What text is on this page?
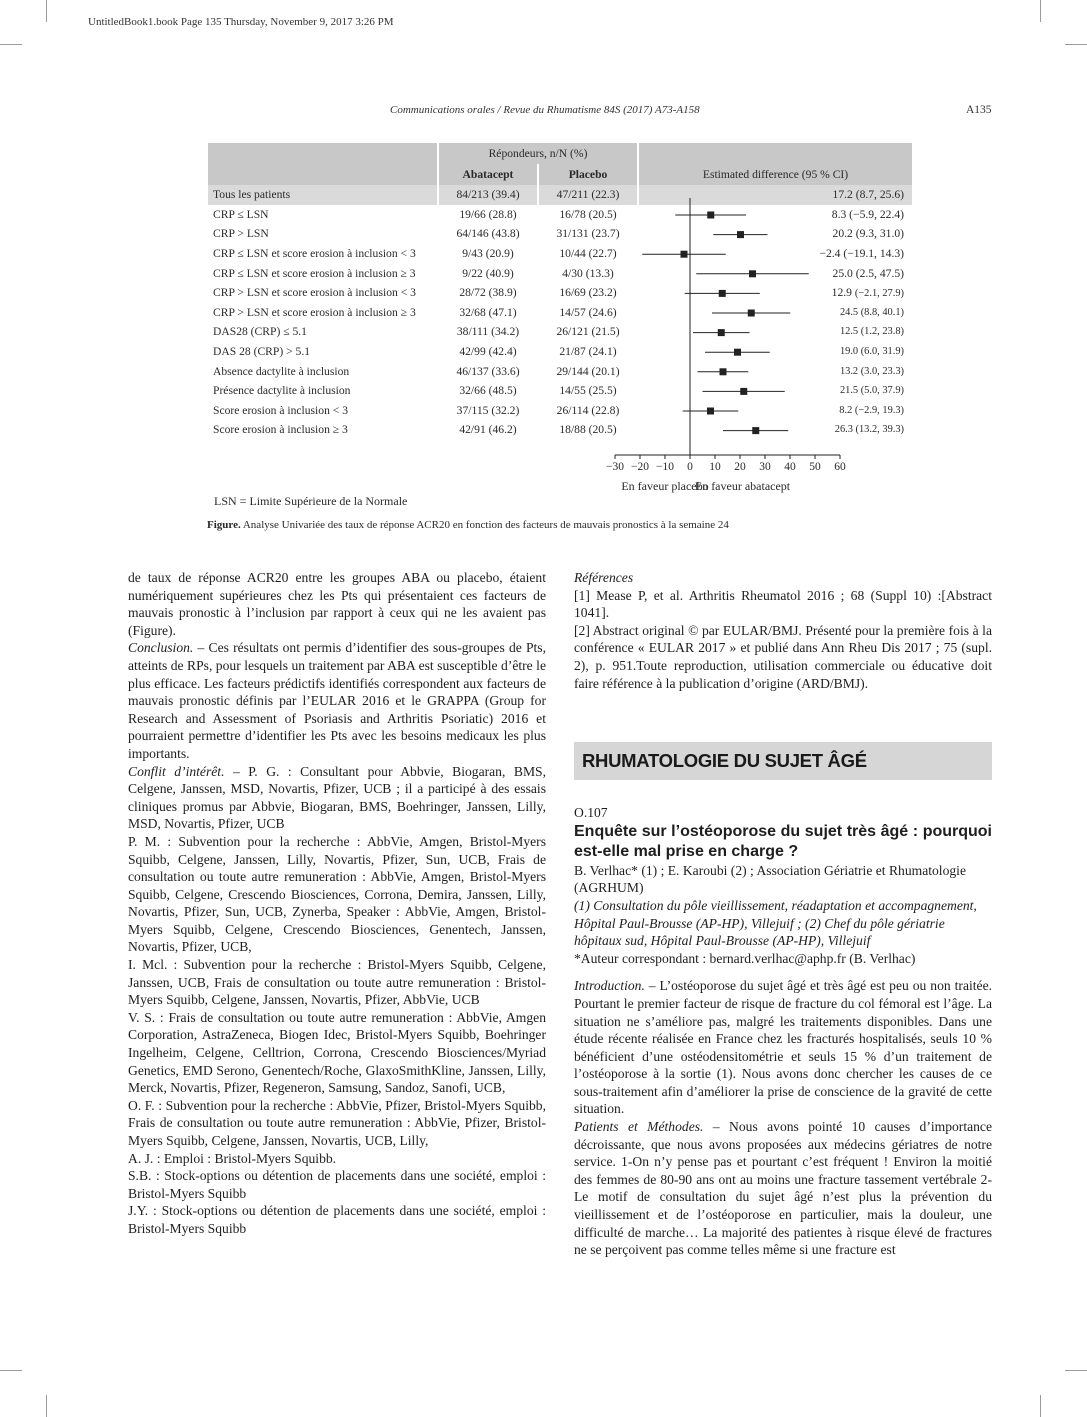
UntitledBook1.book Page 135 Thursday, November 9, 2017 3:26 PM
Communications orales / Revue du Rhumatisme 84S (2017) A73-A158	A135
	Répondeurs, n/N (%)		
	Abatacept	Placebo	Estimated difference (95 % CI)
Tous les patients	84/213 (39.4)	47/211 (22.3)	17.2 (8.7, 25.6)
CRP ≤ LSN	19/66 (28.8)	16/78 (20.5)	8.3 (−5.9, 22.4)
CRP > LSN	64/146 (43.8)	31/131 (23.7)	20.2 (9.3, 31.0)
CRP ≤ LSN et score erosion à inclusion < 3	9/43 (20.9)	10/44 (22.7)	−2.4 (−19.1, 14.3)
CRP ≤ LSN et score erosion à inclusion ≥ 3	9/22 (40.9)	4/30 (13.3)	25.0 (2.5, 47.5)
CRP > LSN et score erosion à inclusion < 3	28/72 (38.9)	16/69 (23.2)	12.9 (−2.1, 27.9)
CRP > LSN et score erosion à inclusion ≥ 3	32/68 (47.1)	14/57 (24.6)	24.5 (8.8, 40.1)
DAS28 (CRP) ≤ 5.1	38/111 (34.2)	26/121 (21.5)	12.5 (1.2, 23.8)
DAS 28 (CRP) > 5.1	42/99 (42.4)	21/87 (24.1)	19.0 (6.0, 31.9)
Absence dactylite à inclusion	46/137 (33.6)	29/144 (20.1)	13.2 (3.0, 23.3)
Présence dactylite à inclusion	32/66 (48.5)	14/55 (25.5)	21.5 (5.0, 37.9)
Score erosion à inclusion < 3	37/115 (32.2)	26/114 (22.8)	8.2 (−2.9, 19.3)
Score erosion à inclusion ≥ 3	42/91 (46.2)	18/88 (20.5)	26.3 (13.2, 39.3)
−30 −20 −10 0 10 20 30 40 50 60
En faveur placebo
En faveur abatacept
LSN = Limite Supérieure de la Normale
Figure. Analyse Univariée des taux de réponse ACR20 en fonction des facteurs de mauvais pronostics à la semaine 24

de taux de réponse ACR20 entre les groupes ABA ou placebo, étaient numériquement supérieures chez les Pts qui présentaient ces facteurs de mauvais pronostic à l’inclusion par rapport à ceux qui ne les avaient pas (Figure).

Conclusion. – Ces résultats ont permis d’identifier des sous-groupes de Pts, atteints de RPs, pour lesquels un traitement par ABA est susceptible d’être le plus efficace. Les facteurs prédictifs identifiés correspondent aux facteurs de mauvais pronostic définis par l’EULAR 2016 et le GRAPPA (Group for Research and Assessment of Psoriasis and Arthritis Psoriatic) 2016 et pourraient permettre d’identifier les Pts avec les besoins medicaux les plus importants.

Conflit d’intérêt. – P. G. : Consultant pour Abbvie, Biogaran, BMS, Celgene, Janssen, MSD, Novartis, Pfizer, UCB ; il a participé à des essais cliniques promus par Abbvie, Biogaran, BMS, Boehringer, Janssen, Lilly, MSD, Novartis, Pfizer, UCB

P. M. : Subvention pour la recherche : AbbVie, Amgen, Bristol-Myers Squibb, Celgene, Janssen, Lilly, Novartis, Pfizer, Sun, UCB, Frais de consultation ou toute autre remuneration : AbbVie, Amgen, Bristol-Myers Squibb, Celgene, Crescendo Biosciences, Corrona, Demira, Janssen, Lilly, Novartis, Pfizer, Sun, UCB, Zynerba, Speaker : AbbVie, Amgen, Bristol-Myers Squibb, Celgene, Crescendo Biosciences, Genentech, Janssen, Novartis, Pfizer, UCB,

I. Mcl. : Subvention pour la recherche : Bristol-Myers Squibb, Celgene, Janssen, UCB, Frais de consultation ou toute autre remuneration : Bristol-Myers Squibb, Celgene, Janssen, Novartis, Pfizer, AbbVie, UCB

V. S. : Frais de consultation ou toute autre remuneration : AbbVie, Amgen Corporation, AstraZeneca, Biogen Idec, Bristol-Myers Squibb, Boehringer Ingelheim, Celgene, Celltrion, Corrona, Crescendo Biosciences/Myriad Genetics, EMD Serono, Genentech/Roche, GlaxoSmithKline, Janssen, Lilly, Merck, Novartis, Pfizer, Regeneron, Samsung, Sandoz, Sanofi, UCB,

O. F. : Subvention pour la recherche : AbbVie, Pfizer, Bristol-Myers Squibb, Frais de consultation ou toute autre remuneration : AbbVie, Pfizer, Bristol-Myers Squibb, Celgene, Janssen, Novartis, UCB, Lilly,

A. J. : Emploi : Bristol-Myers Squibb.

S.B. : Stock-options ou détention de placements dans une société, emploi : Bristol-Myers Squibb

J.Y. : Stock-options ou détention de placements dans une société, emploi : Bristol-Myers Squibb

Références

[1] Mease P, et al. Arthritis Rheumatol 2016 ; 68 (Suppl 10) :[Abstract 1041].

[2] Abstract original © par EULAR/BMJ. Présenté pour la première fois à la conférence « EULAR 2017 » et publié dans Ann Rheu Dis 2017 ; 75 (supl. 2), p. 951.Toute reproduction, utilisation commerciale ou éducative doit faire référence à la publication d’origine (ARD/BMJ).

RHUMATOLOGIE DU SUJET ÂGÉ

O.107

Enquête sur l’ostéoporose du sujet très âgé : pourquoi est-elle mal prise en charge ?

B. Verlhac* (1) ; E. Karoubi (2) ; Association Gériatrie et Rhumatologie (AGRHUM)

(1) Consultation du pôle vieillissement, réadaptation et accompagnement, Hôpital Paul-Brousse (AP-HP), Villejuif ; (2) Chef du pôle gériatrie hôpitaux sud, Hôpital Paul-Brousse (AP-HP), Villejuif

*Auteur correspondant : bernard.verlhac@aphp.fr (B. Verlhac)

Introduction. – L’ostéoporose du sujet âgé et très âgé est peu ou non traitée. Pourtant le premier facteur de risque de fracture du col fémoral est l’âge. La situation ne s’améliore pas, malgré les traitements disponibles. Dans une étude récente réalisée en France chez les fracturés hospitalisés, seuls 10 % bénéficient d’une ostéodensitométrie et seuls 15 % d’un traitement de l’ostéoporose à la sortie (1). Nous avons donc chercher les causes de ce sous-traitement afin d’améliorer la prise de conscience de la gravité de cette situation.

Patients et Méthodes. – Nous avons pointé 10 causes d’importance décroissante, que nous avons proposées aux médecins gériatres de notre service. 1-On n’y pense pas et pourtant c’est fréquent ! Environ la moitié des femmes de 80-90 ans ont au moins une fracture tassement vertébrale 2-Le motif de consultation du sujet âgé n’est plus la prévention du vieillissement et de l’ostéoporose en particulier, mais la douleur, une difficulté de marche… La majorité des patientes à risque élevé de fractures ne se perçoivent pas comme telles même si une fracture est
